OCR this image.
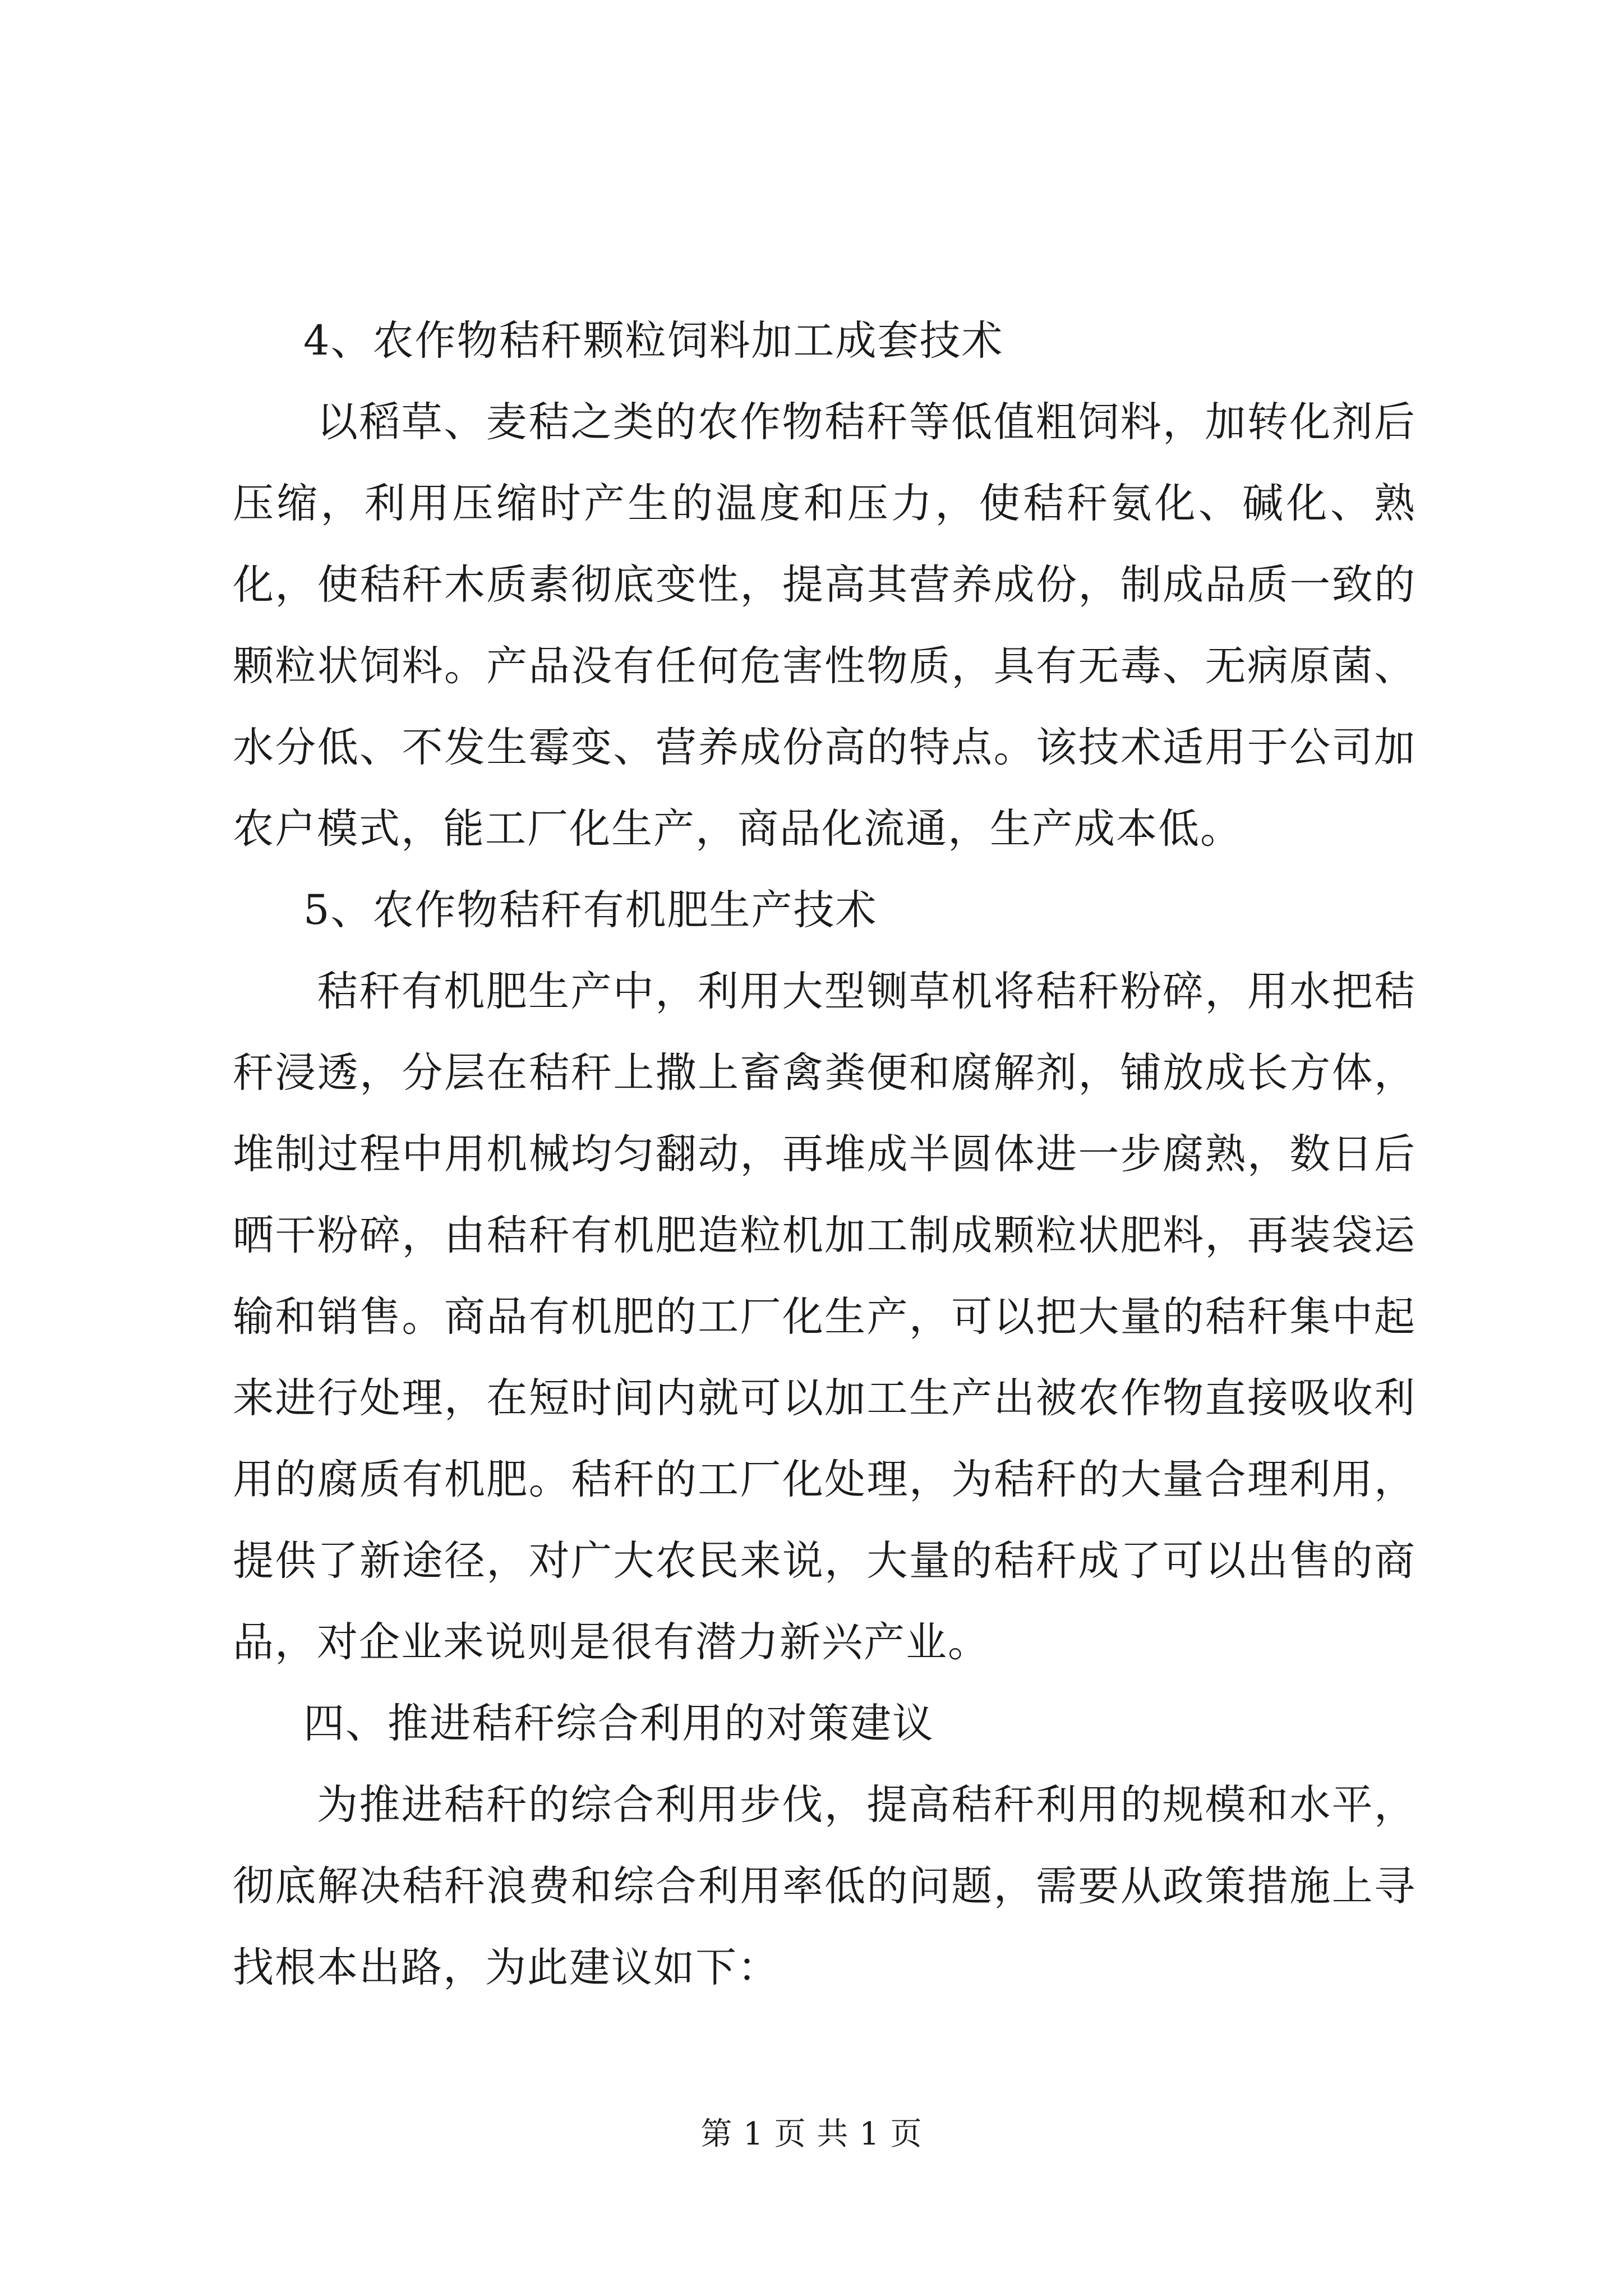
4、农作物秸秆颗粒饲料加工成套技术

以稻草、麦秸之类的农作物秸秆等低值粗饲料，加转化剂后压缩，利用压缩时产生的温度和压力，使秸秆氨化、碱化、熟化，使秸秆木质素彻底变性，提高其营养成份，制成品质一致的颗粒状饲料。产品没有任何危害性物质，具有无毒、无病原菌、水分低、不发生霉变、营养成份高的特点。该技术适用于公司加农户模式，能工厂化生产，商品化流通，生产成本低。

5、农作物秸秆有机肥生产技术

秸秆有机肥生产中，利用大型铡草机将秸秆粉碎，用水把秸秆浸透，分层在秸秆上撒上畜禽粪便和腐解剂，铺放成长方体，堆制过程中用机械均匀翻动，再堆成半圆体进一步腐熟，数日后晒干粉碎，由秸秆有机肥造粒机加工制成颗粒状肥料，再装袋运输和销售。商品有机肥的工厂化生产，可以把大量的秸秆集中起来进行处理，在短时间内就可以加工生产出被农作物直接吸收利用的腐质有机肥。秸秆的工厂化处理，为秸秆的大量合理利用，提供了新途径，对广大农民来说，大量的秸秆成了可以出售的商品，对企业来说则是很有潜力新兴产业。

四、推进秸秆综合利用的对策建议

为推进秸秆的综合利用步伐，提高秸秆利用的规模和水平，彻底解决秸秆浪费和综合利用率低的问题，需要从政策措施上寻找根本出路，为此建议如下：

第 1 页 共 1 页
